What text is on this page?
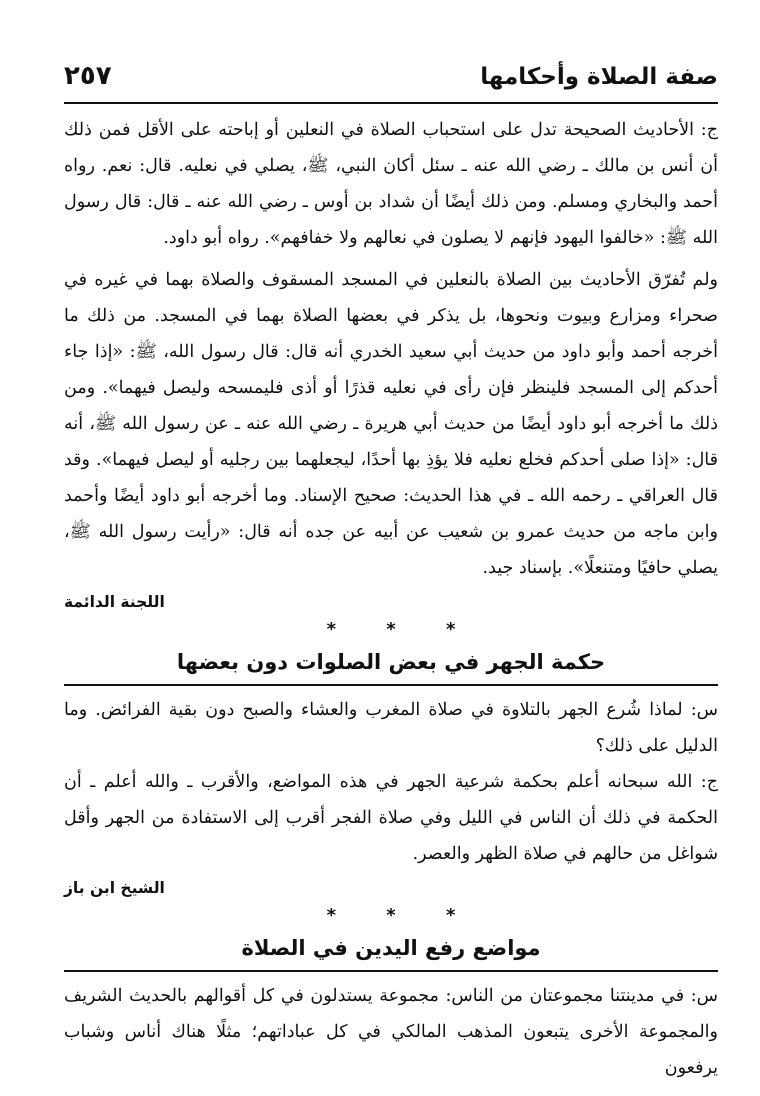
صفة الصلاة وأحكامها
٢٥٧

ج: الأحاديث الصحيحة تدل على استحباب الصلاة في النعلين أو إباحته على الأقل فمن ذلك أن أنس بن مالك ـ رضي الله عنه ـ سئل أكان النبي، ﷺ، يصلي في نعليه. قال: نعم. رواه أحمد والبخاري ومسلم. ومن ذلك أيضًا أن شداد بن أوس ـ رضي الله عنه ـ قال: قال رسول الله ﷺ: «خالفوا اليهود فإنهم لا يصلون في نعالهم ولا خفافهم». رواه أبو داود.

ولم تُفرّق الأحاديث بين الصلاة بالنعلين في المسجد المسقوف والصلاة بهما في غيره في صحراء ومزارع وبيوت ونحوها، بل يذكر في بعضها الصلاة بهما في المسجد. من ذلك ما أخرجه أحمد وأبو داود من حديث أبي سعيد الخدري أنه قال: قال رسول الله، ﷺ: «إذا جاء أحدكم إلى المسجد فلينظر فإن رأى في نعليه قذرًا أو أذى فليمسحه وليصل فيهما». ومن ذلك ما أخرجه أبو داود أيضًا من حديث أبي هريرة ـ رضي الله عنه ـ عن رسول الله ﷺ، أنه قال: «إذا صلى أحدكم فخلع نعليه فلا يؤذِ بها أحدًا، ليجعلهما بين رجليه أو ليصل فيهما». وقد قال العراقي ـ رحمه الله ـ في هذا الحديث: صحيح الإسناد. وما أخرجه أبو داود أيضًا وأحمد وابن ماجه من حديث عمرو بن شعيب عن أبيه عن جده أنه قال: «رأيت رسول الله ﷺ، يصلي حافيًا ومتنعلًا». بإسناد جيد.

اللجنة الدائمة

* * *

حكمة الجهر في بعض الصلوات دون بعضها

س: لماذا شُرع الجهر بالتلاوة في صلاة المغرب والعشاء والصبح دون بقية الفرائض. وما الدليل على ذلك؟

ج: الله سبحانه أعلم بحكمة شرعية الجهر في هذه المواضع، والأقرب ـ والله أعلم ـ أن الحكمة في ذلك أن الناس في الليل وفي صلاة الفجر أقرب إلى الاستفادة من الجهر وأقل شواغل من حالهم في صلاة الظهر والعصر.

الشيخ ابن باز

* * *

مواضع رفع اليدين في الصلاة

س: في مدينتنا مجموعتان من الناس: مجموعة يستدلون في كل أقوالهم بالحديث الشريف والمجموعة الأخرى يتبعون المذهب المالكي في كل عباداتهم؛ مثلًا هناك أناس وشباب يرفعون
